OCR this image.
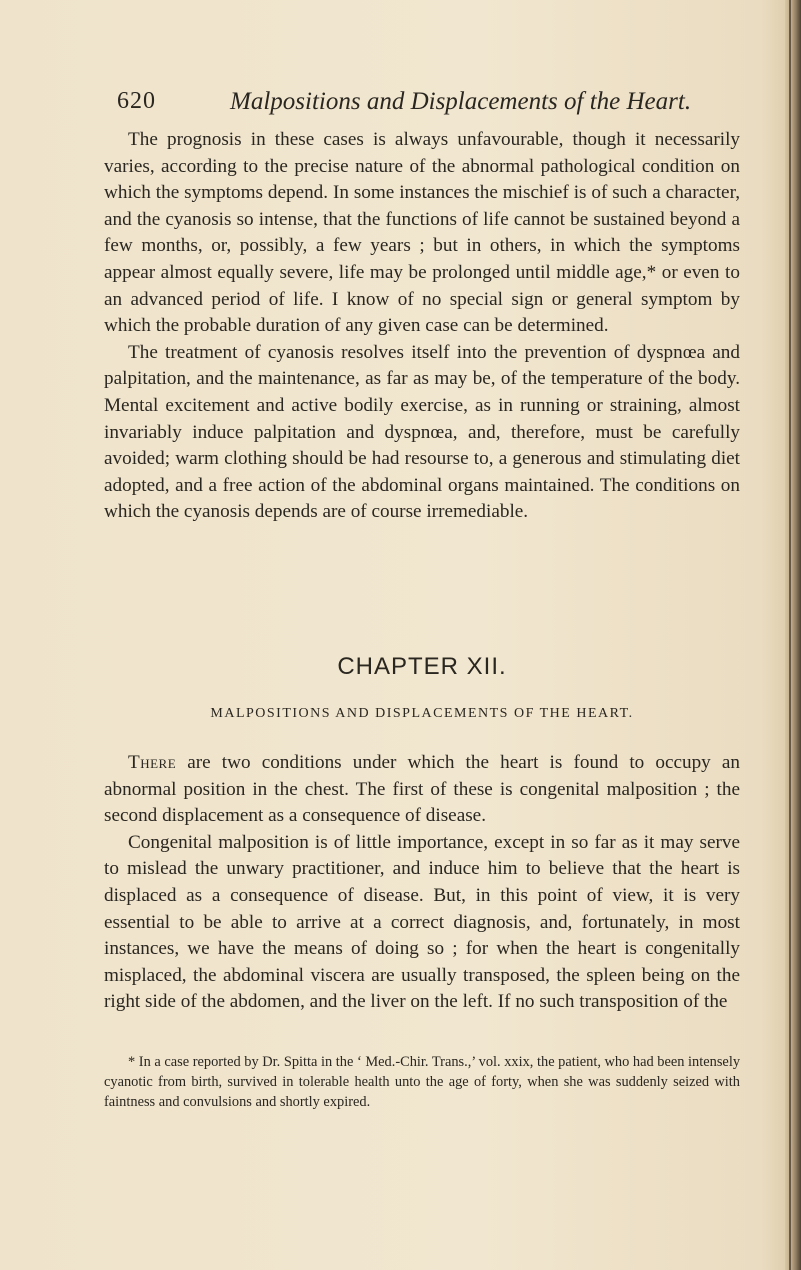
620	Malpositions and Displacements of the Heart.

The prognosis in these cases is always unfavourable, though it necessarily varies, according to the precise nature of the abnormal pathological condition on which the symptoms depend. In some instances the mischief is of such a character, and the cyanosis so intense, that the functions of life cannot be sustained beyond a few months, or, possibly, a few years ; but in others, in which the symptoms appear almost equally severe, life may be prolonged until middle age,* or even to an advanced period of life. I know of no special sign or general symptom by which the probable duration of any given case can be determined.

The treatment of cyanosis resolves itself into the prevention of dyspnœa and palpitation, and the maintenance, as far as may be, of the temperature of the body. Mental excitement and active bodily exercise, as in running or straining, almost invariably induce palpitation and dyspnœa, and, therefore, must be carefully avoided; warm clothing should be had resourse to, a generous and stimulating diet adopted, and a free action of the abdominal organs maintained. The conditions on which the cyanosis depends are of course irremediable.

CHAPTER XII.
MALPOSITIONS AND DISPLACEMENTS OF THE HEART.

There are two conditions under which the heart is found to occupy an abnormal position in the chest. The first of these is congenital malposition ; the second displacement as a consequence of disease.

Congenital malposition is of little importance, except in so far as it may serve to mislead the unwary practitioner, and induce him to believe that the heart is displaced as a consequence of disease. But, in this point of view, it is very essential to be able to arrive at a correct diagnosis, and, fortunately, in most instances, we have the means of doing so ; for when the heart is congenitally misplaced, the abdominal viscera are usually transposed, the spleen being on the right side of the abdomen, and the liver on the left. If no such transposition of the

* In a case reported by Dr. Spitta in the ‘ Med.-Chir. Trans.,’ vol. xxix, the patient, who had been intensely cyanotic from birth, survived in tolerable health unto the age of forty, when she was suddenly seized with faintness and convulsions and shortly expired.
